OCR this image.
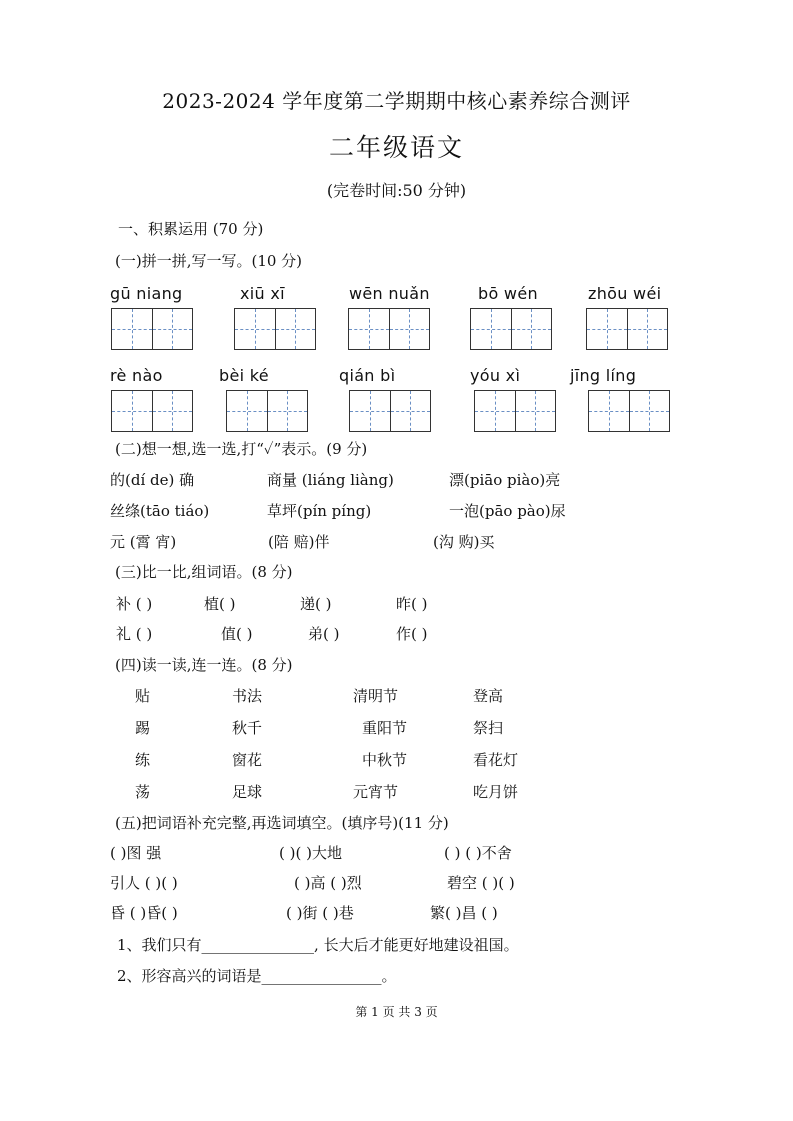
2023-2024 学年度第二学期期中核心素养综合测评
二年级语文
(完卷时间:50 分钟)
一、积累运用 (70 分)
(一)拼一拼,写一写。(10 分)
gū niang	xiū xī	wēn nuǎn	bō wén	zhōu wéi
rè nào	bèi ké	qián bì	yóu xì	jīng líng
(二)想一想,选一选,打“✓”表示。(9 分)
的(dí de) 确	商量 (liáng liàng)	漂(piāo piào)亮
丝绦(tāo tiáo)	草坪(pín píng)	一泡(pāo pào)尿
元 (霄 宵)	(陪 赔)伴	(沟 购)买
(三)比一比,组词语。(8 分)
补 ( )	植( )	递( )	昨( )
礼 ( )	值( )	弟( )	作( )
(四)读一读,连一连。(8 分)
贴	书法	清明节	登高
踢	秋千	重阳节	祭扫
练	窗花	中秋节	看花灯
荡	足球	元宵节	吃月饼
(五)把词语补充完整,再选词填空。(填序号)(11 分)
( )图 强	( )( )大地	( ) ( )不舍
引人 ( )( )	( )高 ( )烈	碧空 ( )( )
昏 ( )昏( )	( )街 ( )巷	繁( )昌 ( )
1、我们只有_______________, 长大后才能更好地建设祖国。
2、形容高兴的词语是________________。
第 1 页 共 3 页
